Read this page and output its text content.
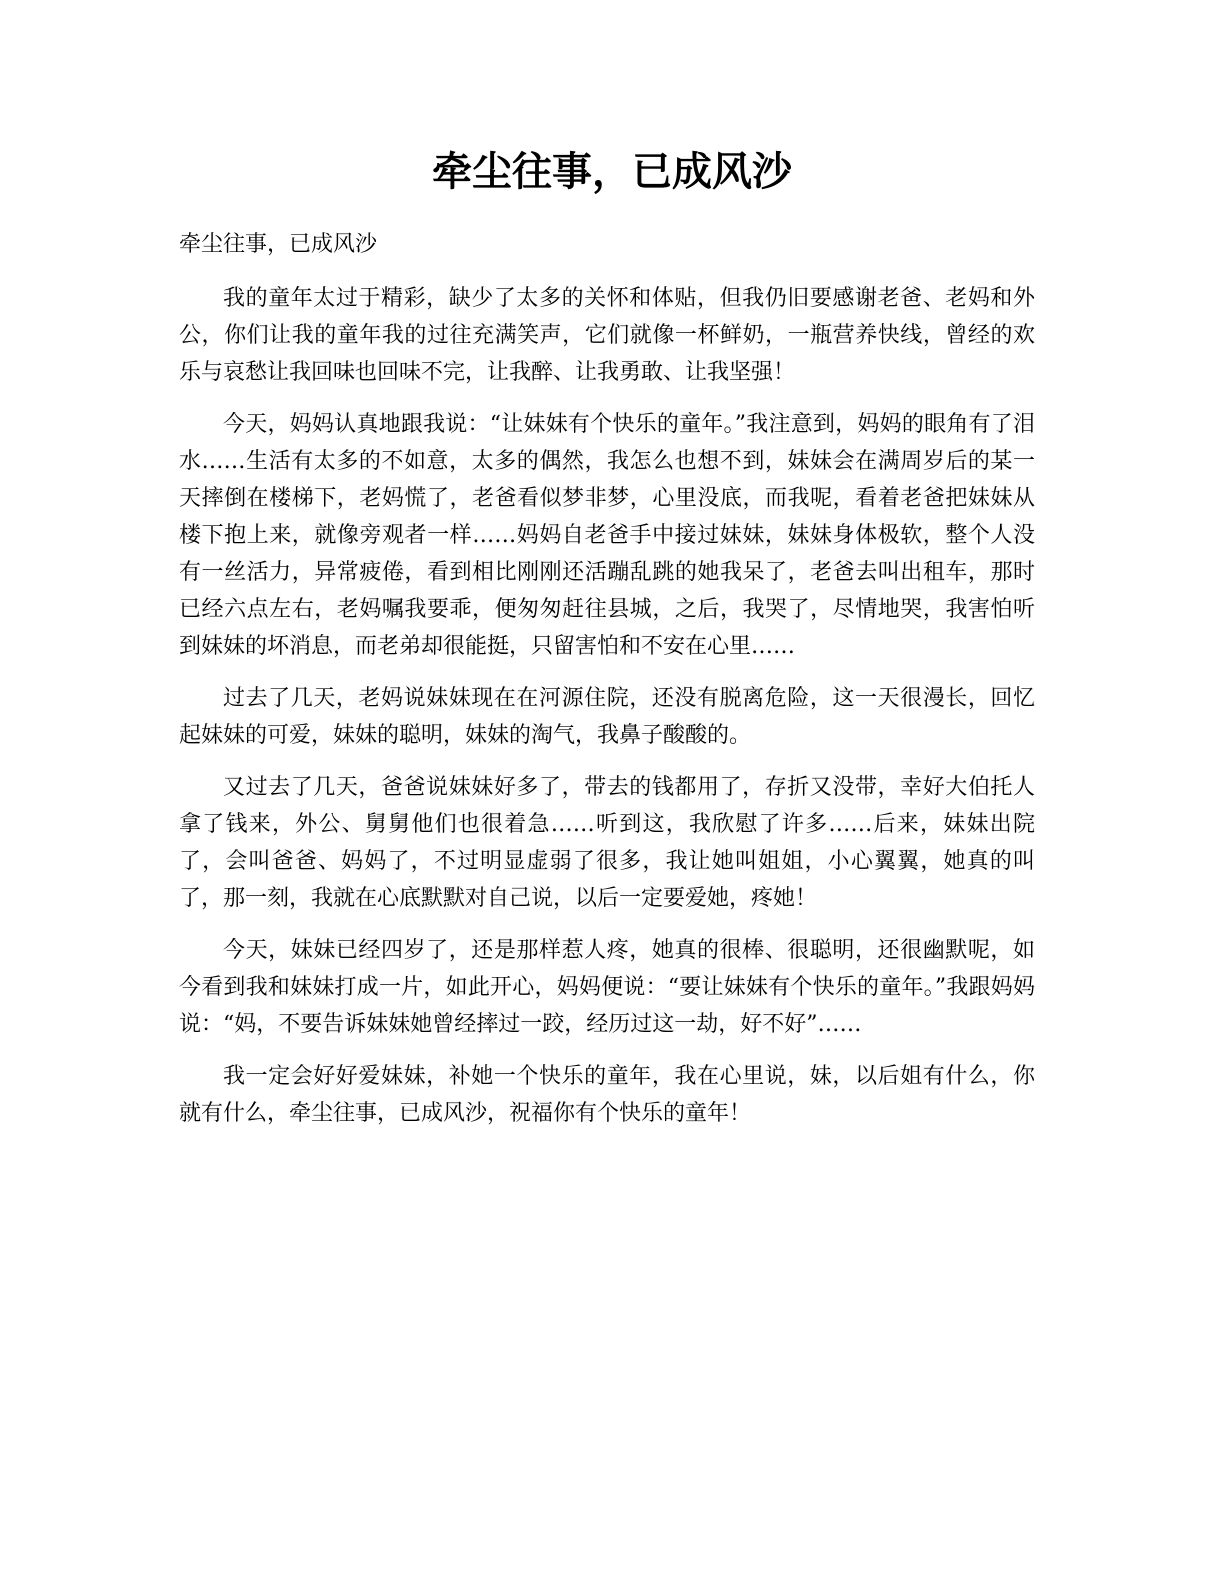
牵尘往事，已成风沙

牵尘往事，已成风沙

我的童年太过于精彩，缺少了太多的关怀和体贴，但我仍旧要感谢老爸、老妈和外公，你们让我的童年我的过往充满笑声，它们就像一杯鲜奶，一瓶营养快线，曾经的欢乐与哀愁让我回味也回味不完，让我醉、让我勇敢、让我坚强！

今天，妈妈认真地跟我说：“让妹妹有个快乐的童年。”我注意到，妈妈的眼角有了泪水……生活有太多的不如意，太多的偶然，我怎么也想不到，妹妹会在满周岁后的某一天摔倒在楼梯下，老妈慌了，老爸看似梦非梦，心里没底，而我呢，看着老爸把妹妹从楼下抱上来，就像旁观者一样……妈妈自老爸手中接过妹妹，妹妹身体极软，整个人没有一丝活力，异常疲倦，看到相比刚刚还活蹦乱跳的她我呆了，老爸去叫出租车，那时已经六点左右，老妈嘱我要乖，便匆匆赶往县城，之后，我哭了，尽情地哭，我害怕听到妹妹的坏消息，而老弟却很能挺，只留害怕和不安在心里……

过去了几天，老妈说妹妹现在在河源住院，还没有脱离危险，这一天很漫长，回忆起妹妹的可爱，妹妹的聪明，妹妹的淘气，我鼻子酸酸的。

又过去了几天，爸爸说妹妹好多了，带去的钱都用了，存折又没带，幸好大伯托人拿了钱来，外公、舅舅他们也很着急……听到这，我欣慰了许多……后来，妹妹出院了，会叫爸爸、妈妈了，不过明显虚弱了很多，我让她叫姐姐，小心翼翼，她真的叫了，那一刻，我就在心底默默对自己说，以后一定要爱她，疼她！

今天，妹妹已经四岁了，还是那样惹人疼，她真的很棒、很聪明，还很幽默呢，如今看到我和妹妹打成一片，如此开心，妈妈便说：“要让妹妹有个快乐的童年。”我跟妈妈说：“妈，不要告诉妹妹她曾经摔过一跤，经历过这一劫，好不好”……

我一定会好好爱妹妹，补她一个快乐的童年，我在心里说，妹，以后姐有什么，你就有什么，牵尘往事，已成风沙，祝福你有个快乐的童年！
